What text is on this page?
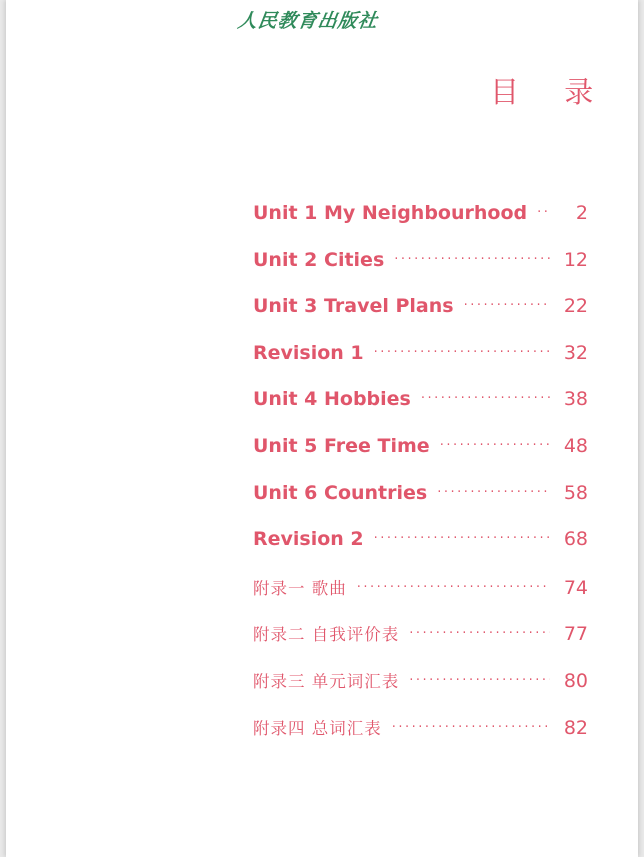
人民教育出版社
目 录
Unit 1 My Neighbourhood ·····	2
Unit 2 Cities ·····	12
Unit 3 Travel Plans ·····	22
Revision 1 ·····	32
Unit 4 Hobbies ·····	38
Unit 5 Free Time ·····	48
Unit 6 Countries ·····	58
Revision 2 ·····	68
附录一 歌曲 ·····	74
附录二 自我评价表 ·····	77
附录三 单元词汇表 ·····	80
附录四 总词汇表 ·····	82
